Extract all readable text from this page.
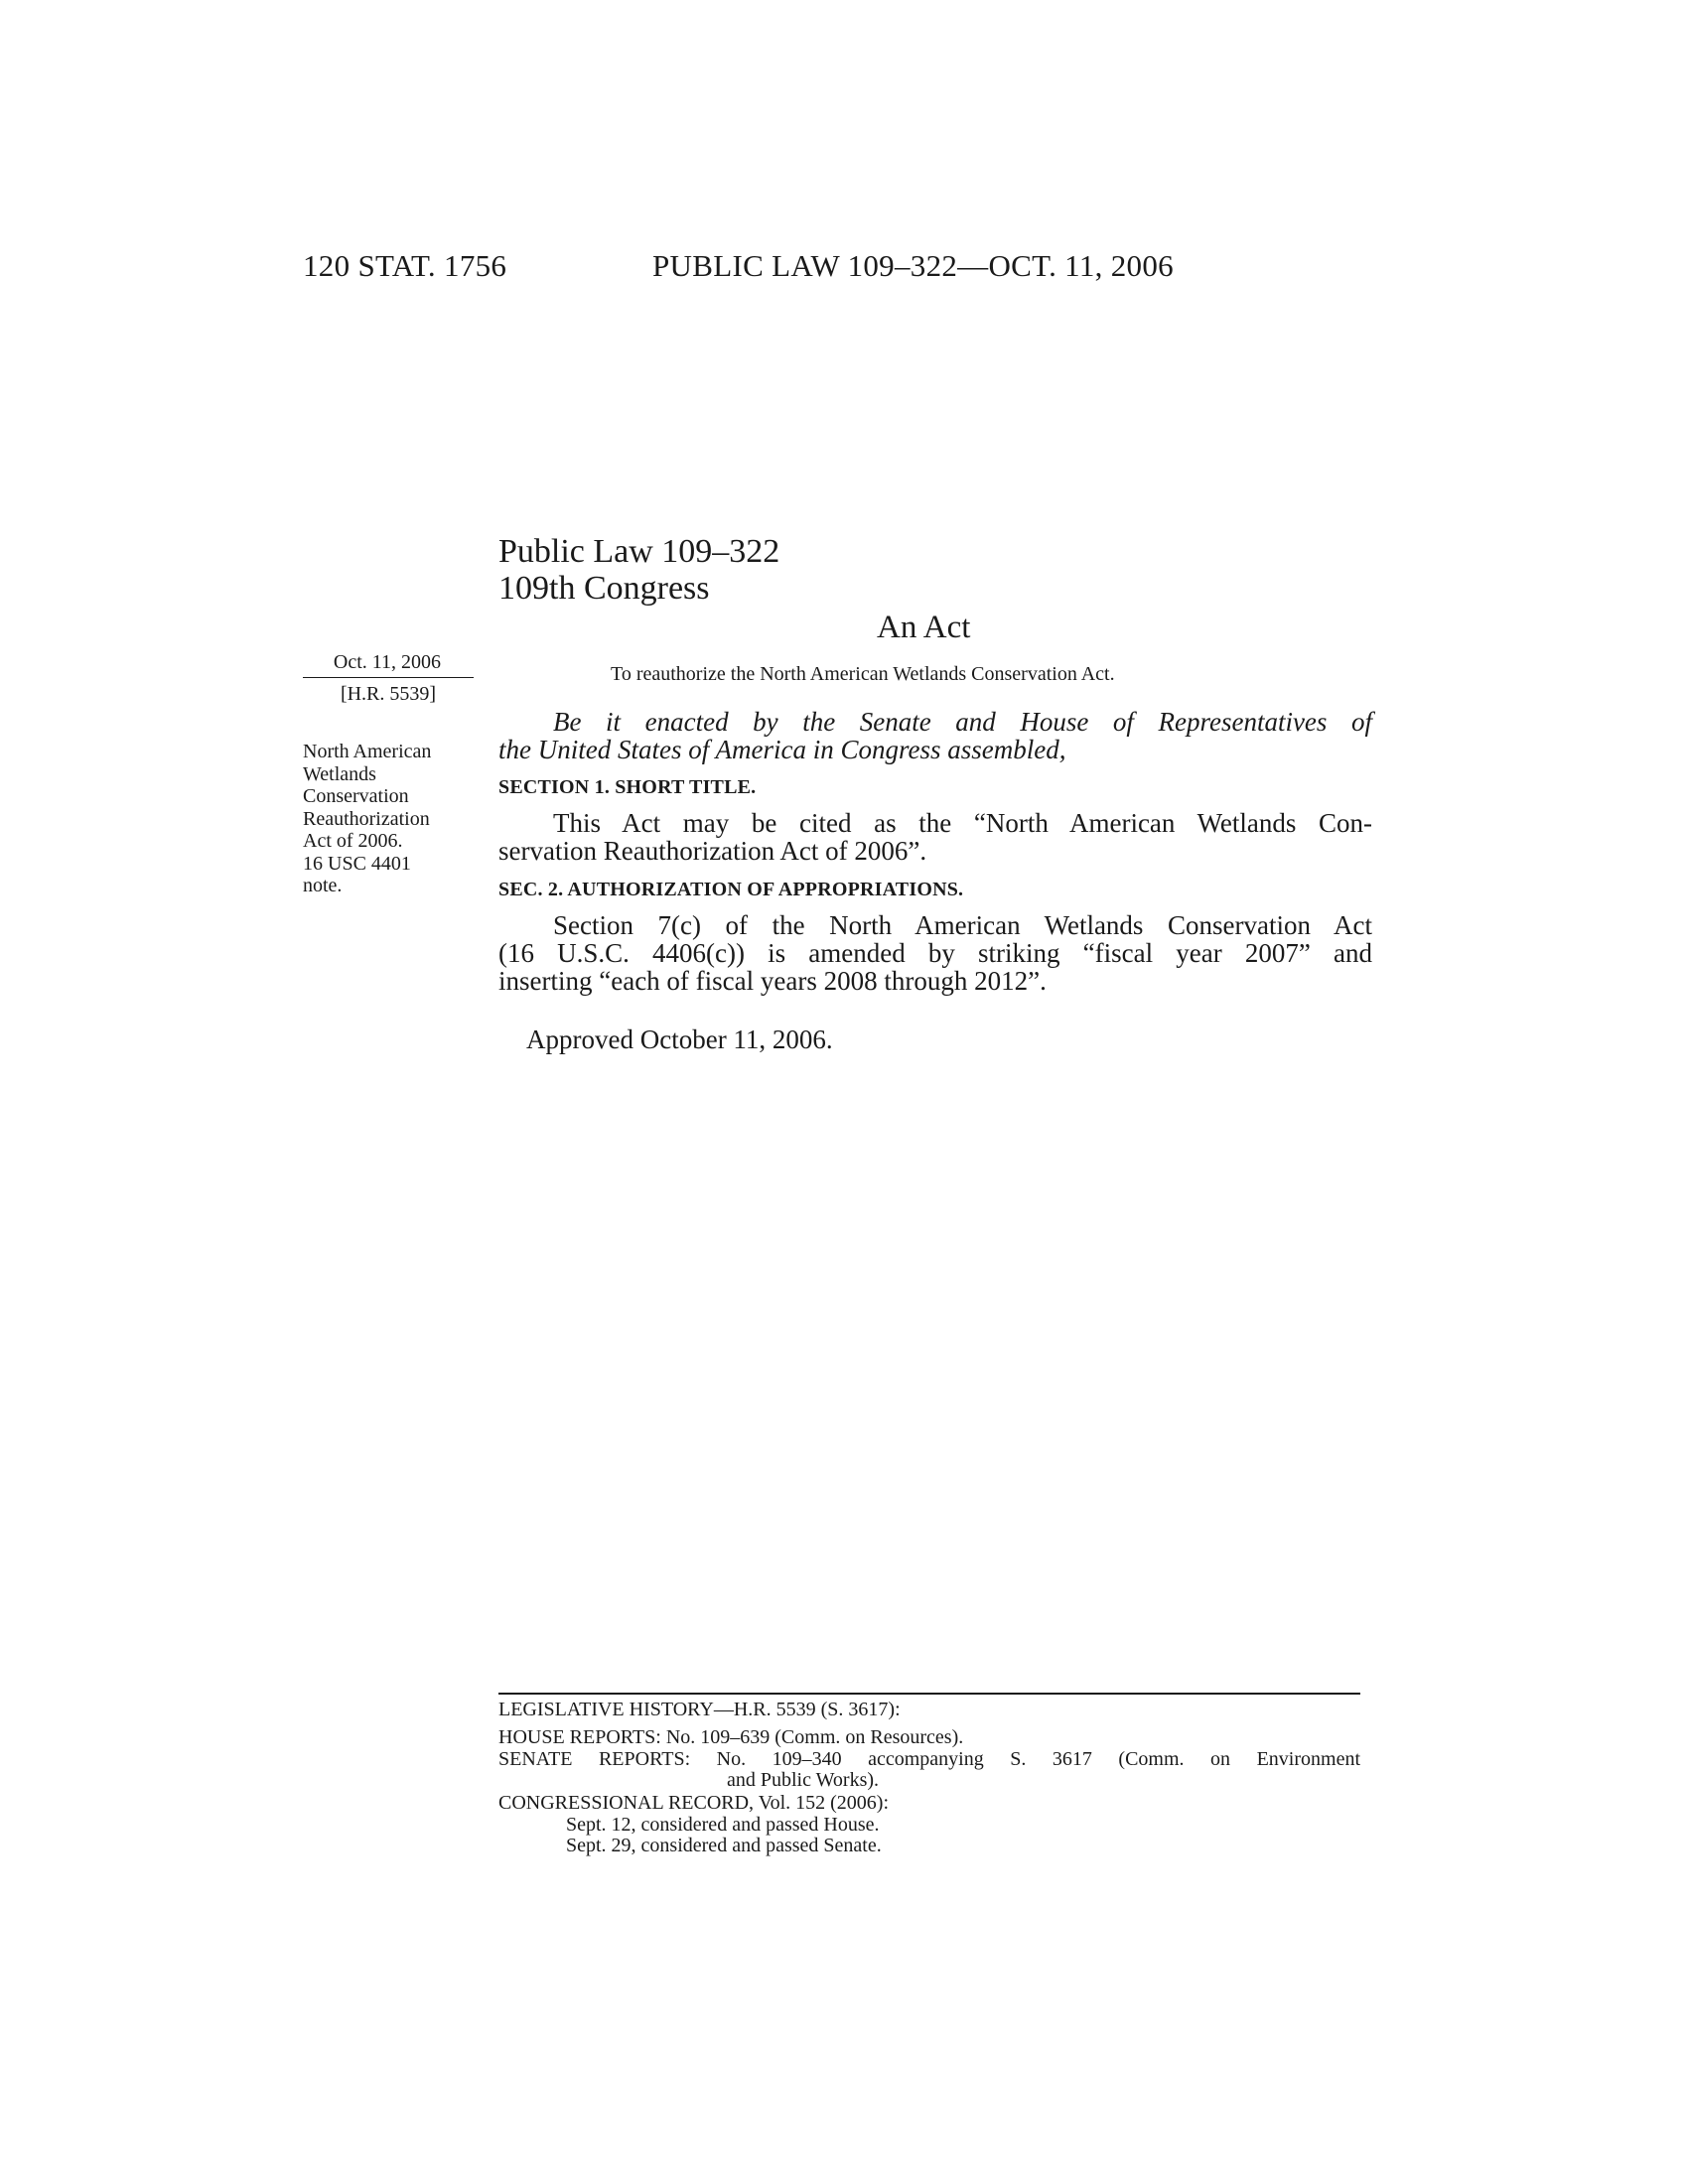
120 STAT. 1756	PUBLIC LAW 109–322—OCT. 11, 2006
Public Law 109–322
109th Congress
An Act
Oct. 11, 2006
[H.R. 5539]
North American
Wetlands
Conservation
Reauthorization
Act of 2006.
16 USC 4401
note.
To reauthorize the North American Wetlands Conservation Act.
Be it enacted by the Senate and House of Representatives of
the United States of America in Congress assembled,
SECTION 1. SHORT TITLE.
This Act may be cited as the “North American Wetlands Con-
servation Reauthorization Act of 2006”.
SEC. 2. AUTHORIZATION OF APPROPRIATIONS.
Section 7(c) of the North American Wetlands Conservation Act
(16 U.S.C. 4406(c)) is amended by striking “fiscal year 2007” and
inserting “each of fiscal years 2008 through 2012”.
Approved October 11, 2006.
LEGISLATIVE HISTORY—H.R. 5539 (S. 3617):
HOUSE REPORTS: No. 109–639 (Comm. on Resources).
SENATE REPORTS: No. 109–340 accompanying S. 3617 (Comm. on Environment
and Public Works).
CONGRESSIONAL RECORD, Vol. 152 (2006):
Sept. 12, considered and passed House.
Sept. 29, considered and passed Senate.
